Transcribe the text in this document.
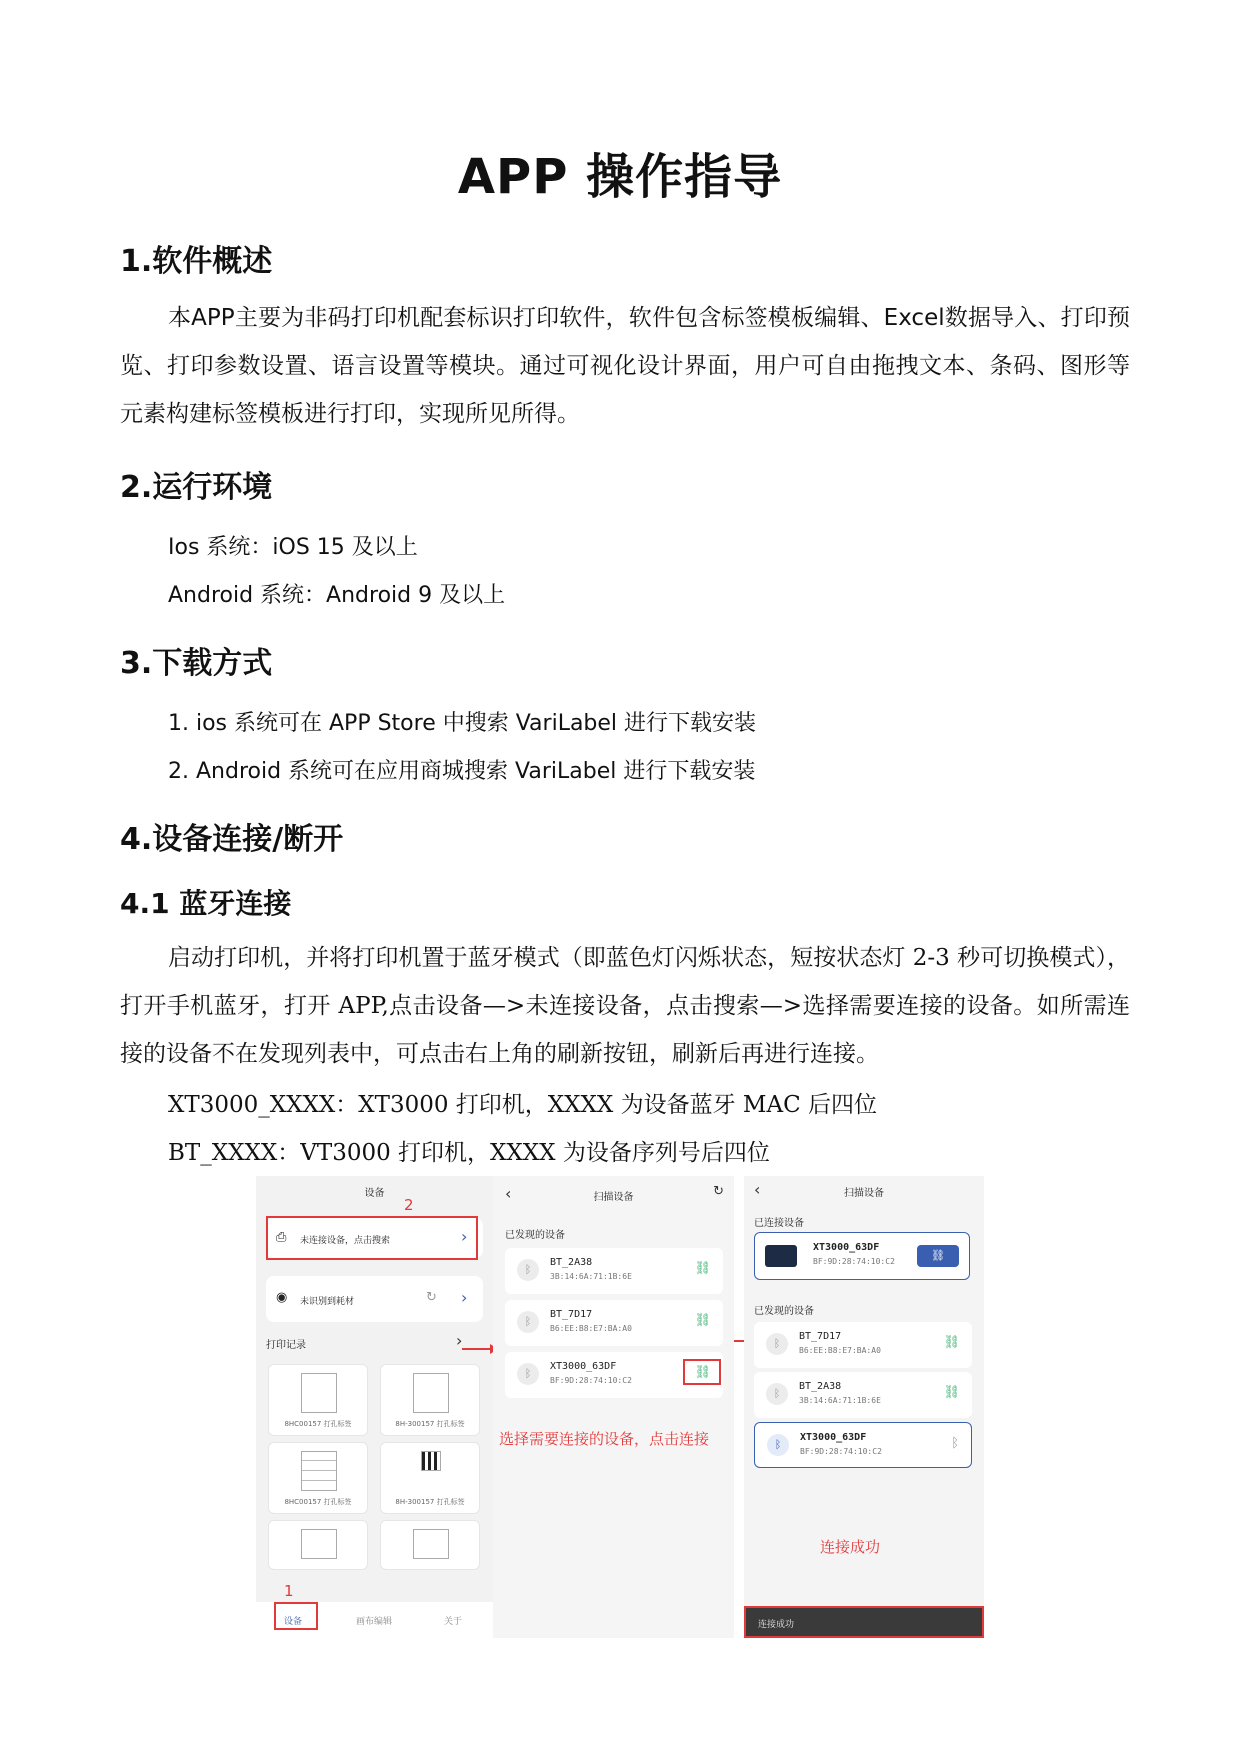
APP 操作指导
1.软件概述
本APP主要为非码打印机配套标识打印软件，软件包含标签模板编辑、Excel数据导入、打印预览、打印参数设置、语言设置等模块。通过可视化设计界面，用户可自由拖拽文本、条码、图形等元素构建标签模板进行打印，实现所见所得。
2.运行环境
Ios 系统：iOS 15 及以上
Android 系统：Android 9 及以上
3.下载方式
1. ios 系统可在 APP Store 中搜索 VariLabel 进行下载安装
2. Android 系统可在应用商城搜索 VariLabel 进行下载安装
4.设备连接/断开
4.1 蓝牙连接
启动打印机，并将打印机置于蓝牙模式（即蓝色灯闪烁状态，短按状态灯 2-3 秒可切换模式），打开手机蓝牙，打开 APP,点击设备—>未连接设备，点击搜索—>选择需要连接的设备。如所需连接的设备不在发现列表中，可点击右上角的刷新按钮，刷新后再进行连接。
XT3000_XXXX：XT3000 打印机，XXXX 为设备蓝牙 MAC 后四位
BT_XXXX：VT3000 打印机，XXXX 为设备序列号后四位
设备
2
⎙ 未连接设备，点击搜索	›
◉ 未识别到耗材	↻ ›
打印记录	›
8HC00157 打孔标签	8H-300157 打孔标签
8HC00157 打孔标签	8H-300157 打孔标签
1
设备	画布编辑	关于
‹	扫描设备	↻
已发现的设备
ᛒ
BT_2A38
3B:14:6A:71:1B:6E
⛓
ᛒ
BT_7D17
B6:EE:B8:E7:BA:A0
⛓
ᛒ
XT3000_63DF
BF:9D:28:74:10:C2
⛓
选择需要连接的设备，点击连接
‹	扫描设备
已连接设备
XT3000_63DF
BF:9D:28:74:10:C2	⛓
已发现的设备
ᛒ
BT_7D17
B6:EE:B8:E7:BA:A0
⛓
ᛒ
BT_2A38
3B:14:6A:71:1B:6E
⛓
ᛒ
XT3000_63DF
BF:9D:28:74:10:C2
ᛒ
连接成功
连接成功
